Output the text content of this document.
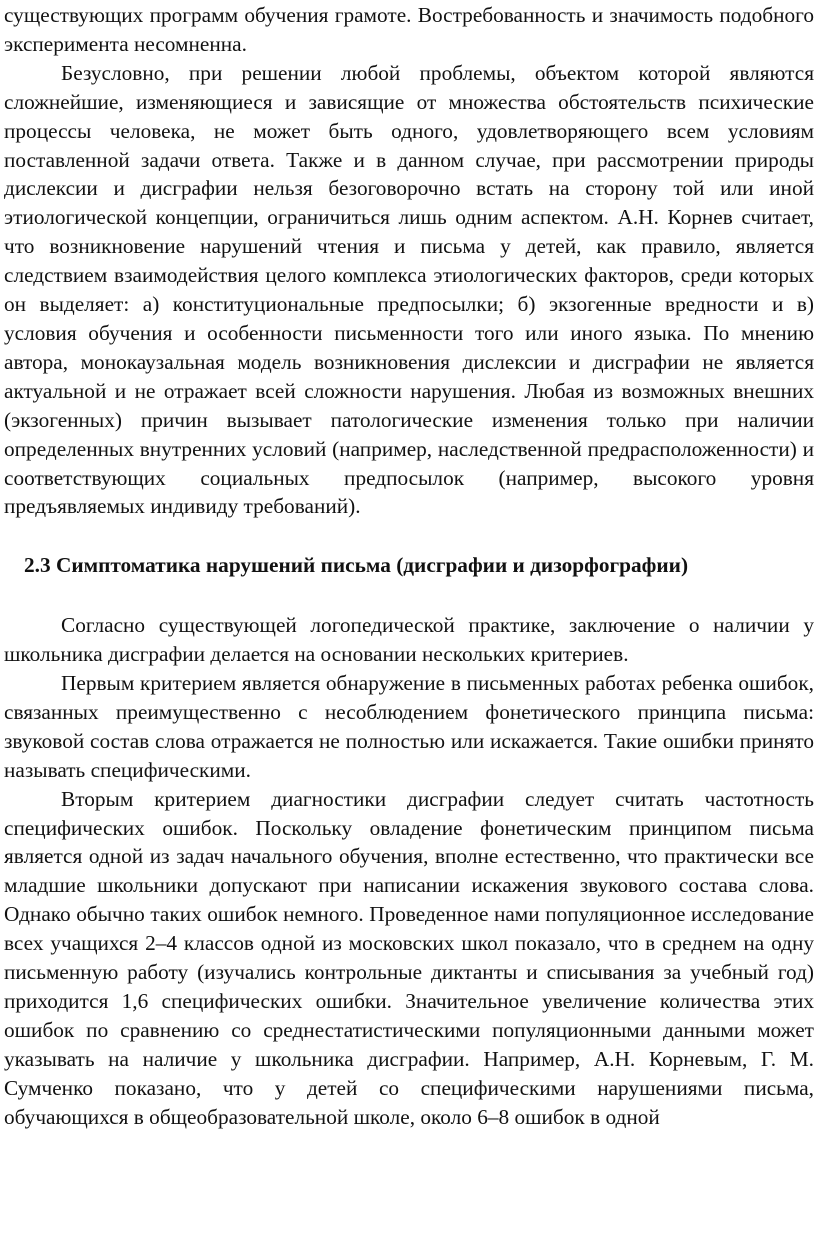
существующих программ обучения грамоте. Востребованность и значимость подобного эксперимента несомненна.

Безусловно, при решении любой проблемы, объектом которой являются сложнейшие, изменяющиеся и зависящие от множества обстоятельств психические процессы человека, не может быть одного, удовлетворяющего всем условиям поставленной задачи ответа. Также и в данном случае, при рассмотрении природы дислексии и дисграфии нельзя безоговорочно встать на сторону той или иной этиологической концепции, ограничиться лишь одним аспектом. А.Н. Корнев считает, что возникновение нарушений чтения и письма у детей, как правило, является следствием взаимодействия целого комплекса этиологических факторов, среди которых он выделяет: а) конституциональные предпосылки; б) экзогенные вредности и в) условия обучения и особенности письменности того или иного языка. По мнению автора, монокаузальная модель возникновения дислексии и дисграфии не является актуальной и не отражает всей сложности нарушения. Любая из возможных внешних (экзогенных) причин вызывает патологические изменения только при наличии определенных внутренних условий (например, наследственной предрасположенности) и соответствующих социальных предпосылок (например, высокого уровня предъявляемых индивиду требований).

2.3 Симптоматика нарушений письма (дисграфии и дизорфографии)

Согласно существующей логопедической практике, заключение о наличии у школьника дисграфии делается на основании нескольких критериев.

Первым критерием является обнаружение в письменных работах ребенка ошибок, связанных преимущественно с несоблюдением фонетического принципа письма: звуковой состав слова отражается не полностью или искажается. Такие ошибки принято называть специфическими.

Вторым критерием диагностики дисграфии следует считать частотность специфических ошибок. Поскольку овладение фонетическим принципом письма является одной из задач начального обучения, вполне естественно, что практически все младшие школьники допускают при написании искажения звукового состава слова. Однако обычно таких ошибок немного. Проведенное нами популяционное исследование всех учащихся 2–4 классов одной из московских школ показало, что в среднем на одну письменную работу (изучались контрольные диктанты и списывания за учебный год) приходится 1,6 специфических ошибки. Значительное увеличение количества этих ошибок по сравнению со среднестатистическими популяционными данными может указывать на наличие у школьника дисграфии. Например, А.Н. Корневым, Г. М. Сумченко показано, что у детей со специфическими нарушениями письма, обучающихся в общеобразовательной школе, около 6–8 ошибок в одной
